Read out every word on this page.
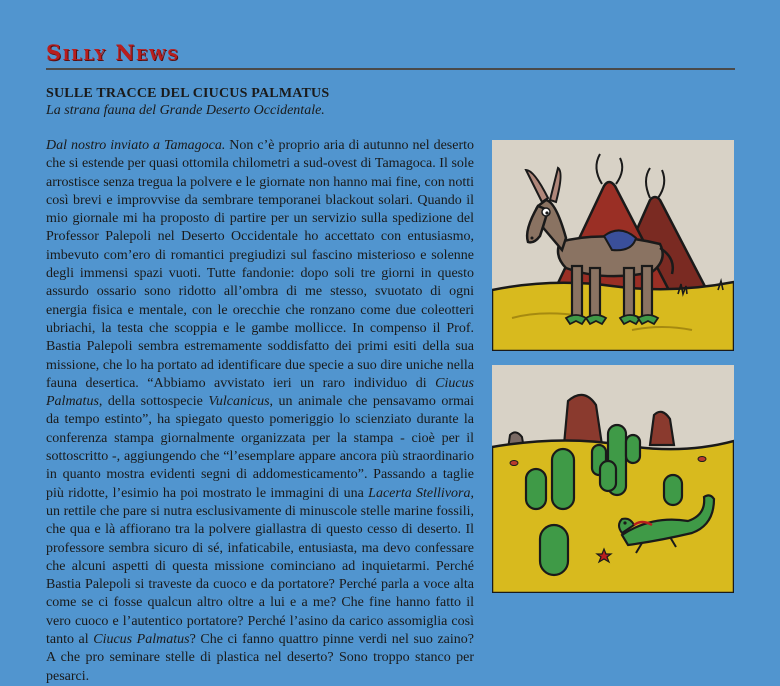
Silly News
SULLE TRACCE DEL CIUCUS PALMATUS

La strana fauna del Grande Deserto Occidentale.

Dal nostro inviato a Tamagoca. Non c’è proprio aria di autunno nel deserto che si estende per quasi ottomila chilometri a sud-ovest di Tamagoca. Il sole arrostisce senza tregua la polvere e le giornate non hanno mai fine, con notti così brevi e improvvise da sembrare temporanei blackout solari. Quando il mio giornale mi ha proposto di partire per un servizio sulla spedizione del Professor Palepoli nel Deserto Occidentale ho accettato con entusiasmo, imbevuto com’ero di romantici pregiudizi sul fascino misterioso e solenne degli immensi spazi vuoti. Tutte fandonie: dopo soli tre giorni in questo assurdo ossario sono ridotto all’ombra di me stesso, svuotato di ogni energia fisica e mentale, con le orecchie che ronzano come due coleotteri ubriachi, la testa che scoppia e le gambe mollicce. In compenso il Prof. Bastia Palepoli sembra estremamente soddisfatto dei primi esiti della sua missione, che lo ha portato ad identificare due specie a suo dire uniche nella fauna desertica. “Abbiamo avvistato ieri un raro individuo di Ciucus Palmatus, della sottospecie Vulcanicus, un animale che pensavamo ormai da tempo estinto”, ha spiegato questo pomeriggio lo scienziato durante la conferenza stampa giornalmente organizzata per la stampa - cioè per il sottoscritto -, aggiungendo che “l’esemplare appare ancora più straordinario in quanto mostra evidenti segni di addomesticamento”. Passando a taglie più ridotte, l’esimio ha poi mostrato le immagini di una Lacerta Stellivora, un rettile che pare si nutra esclusivamente di minuscole stelle marine fossili, che qua e là affiorano tra la polvere giallastra di questo cesso di deserto. Il professore sembra sicuro di sé, infaticabile, entusiasta, ma devo confessare che alcuni aspetti di questa missione cominciano ad inquietarmi. Perché Bastia Palepoli si traveste da cuoco e da portatore? Perché parla a voce alta come se ci fosse qualcun altro oltre a lui e a me? Che fine hanno fatto il vero cuoco e l’autentico portatore? Perché l’asino da carico assomiglia così tanto al Ciucus Palmatus? Che ci fanno quattro pinne verdi nel suo zaino? A che pro seminare stelle di plastica nel deserto? Sono troppo stanco per pesarci.
